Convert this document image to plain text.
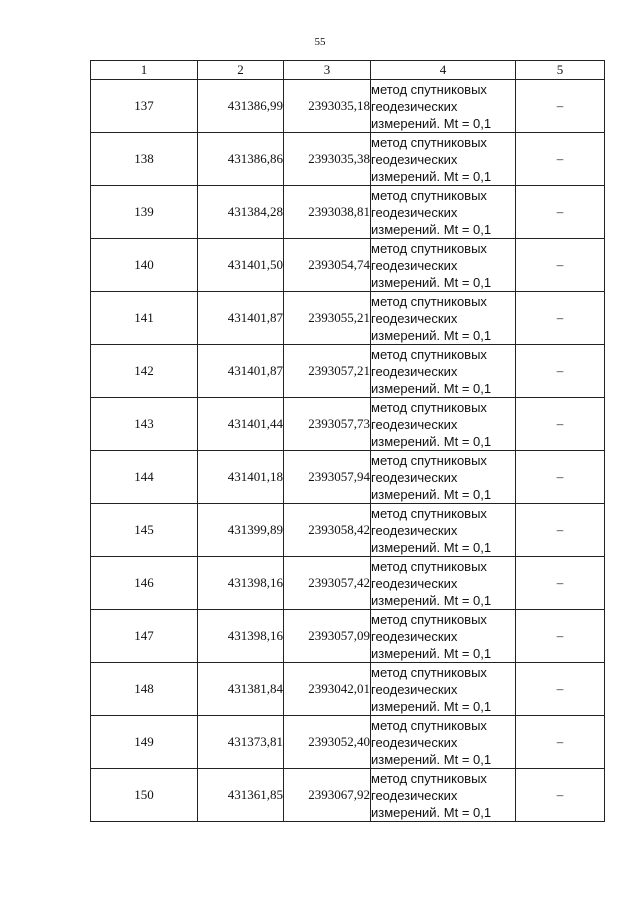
55
1	2	3	4	5
137	431386,99	2393035,18	метод спутниковых
геодезических
измерений. Mt = 0,1	–
138	431386,86	2393035,38	метод спутниковых
геодезических
измерений. Mt = 0,1	–
139	431384,28	2393038,81	метод спутниковых
геодезических
измерений. Mt = 0,1	–
140	431401,50	2393054,74	метод спутниковых
геодезических
измерений. Mt = 0,1	–
141	431401,87	2393055,21	метод спутниковых
геодезических
измерений. Mt = 0,1	–
142	431401,87	2393057,21	метод спутниковых
геодезических
измерений. Mt = 0,1	–
143	431401,44	2393057,73	метод спутниковых
геодезических
измерений. Mt = 0,1	–
144	431401,18	2393057,94	метод спутниковых
геодезических
измерений. Mt = 0,1	–
145	431399,89	2393058,42	метод спутниковых
геодезических
измерений. Mt = 0,1	–
146	431398,16	2393057,42	метод спутниковых
геодезических
измерений. Mt = 0,1	–
147	431398,16	2393057,09	метод спутниковых
геодезических
измерений. Mt = 0,1	–
148	431381,84	2393042,01	метод спутниковых
геодезических
измерений. Mt = 0,1	–
149	431373,81	2393052,40	метод спутниковых
геодезических
измерений. Mt = 0,1	–
150	431361,85	2393067,92	метод спутниковых
геодезических
измерений. Mt = 0,1	–
